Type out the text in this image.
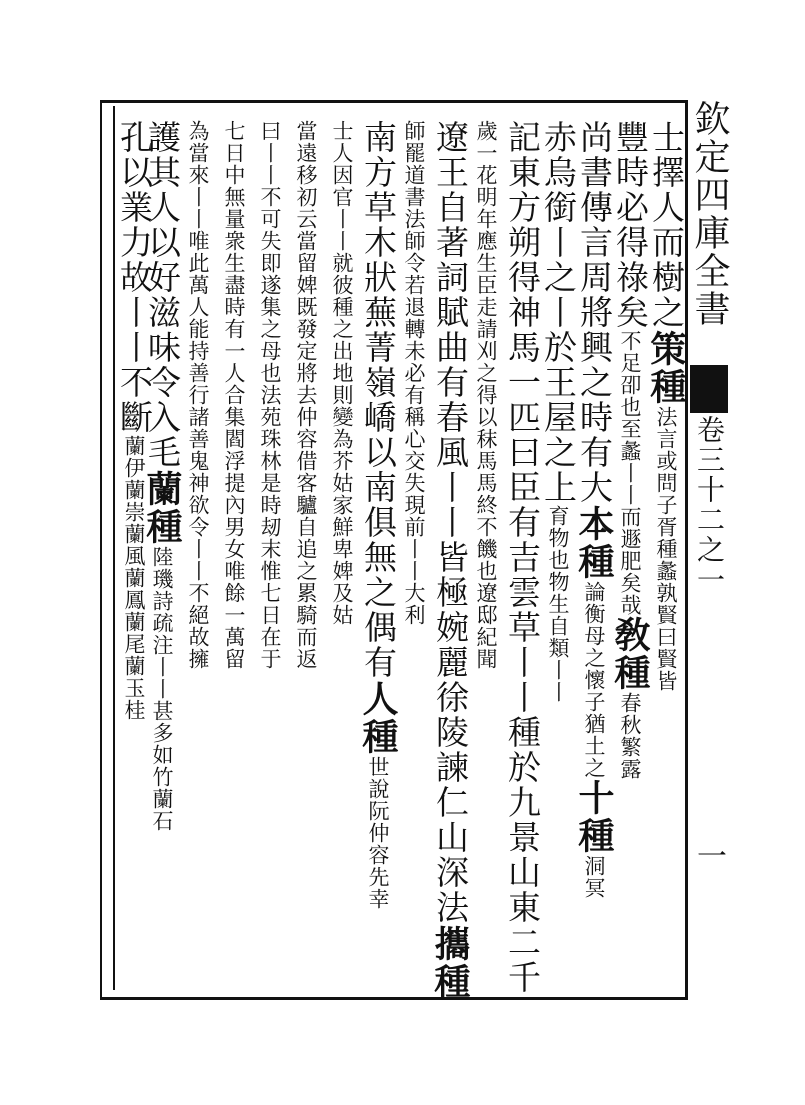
欽定四庫全書  卷三十二之一
一
士擇人而樹之策種法言或問子胥種蠡孰賢曰賢皆
豐時必得祿矣不足卲也至蠡丨丨而遯肥矣哉敎種春秋繁露
尚書傳言周將興之時有大本種論衡母之懷子猶土之十種洞冥
赤烏銜丨之丨於王屋之上育物也物生自類丨丨
記東方朔得神馬一匹曰臣有吉雲草丨丨種於九景山東二千
歲一花明年應生臣走請刈之得以秣馬馬終不饑也遼邸紀聞
遼王自著詞賦曲有春風丨丨皆極婉麗徐陵諫仁山深法攜種
師罷道書法師令若退轉未必有稱心交失現前丨丨大利
南方草木狀蕪菁嶺嶠以南俱無之偶有人種世說阮仲容先幸
士人因官丨丨就彼種之出地則變為芥姑家鮮卑婢及姑
當遠移初云當留婢既發定將去仲容借客驢自追之累騎而返
曰丨丨不可失即遂集之母也法苑珠林是時刼末惟七日在于
七日中無量衆生盡時有一人合集閻浮提內男女唯餘一萬留
為當來丨丨唯此萬人能持善行諸善鬼神欲令丨丨不絕故擁
護其人以好滋味令入毛蘭種陸璣詩疏注丨丨甚多如竹蘭石
孔以業力故丨丨不斷蘭伊蘭崇蘭風蘭鳳蘭尾蘭玉桂
